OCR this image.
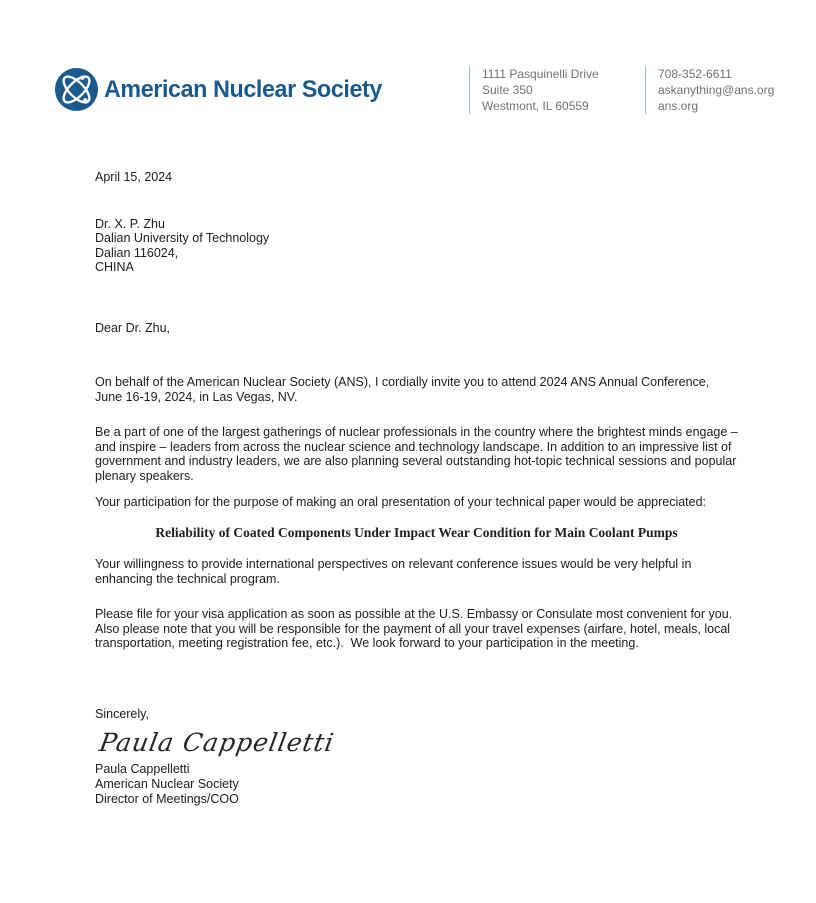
American Nuclear Society
1111 Pasquinelli Drive
Suite 350
Westmont, IL 60559
708-352-6611
askanything@ans.org
ans.org
April 15, 2024
Dr. X. P. Zhu
Dalian University of Technology
Dalian 116024,
CHINA
Dear Dr. Zhu,

On behalf of the American Nuclear Society (ANS), I cordially invite you to attend 2024 ANS Annual Conference, June 16-19, 2024, in Las Vegas, NV.

Be a part of one of the largest gatherings of nuclear professionals in the country where the brightest minds engage – and inspire – leaders from across the nuclear science and technology landscape. In addition to an impressive list of government and industry leaders, we are also planning several outstanding hot-topic technical sessions and popular plenary speakers.

Your participation for the purpose of making an oral presentation of your technical paper would be appreciated:

Reliability of Coated Components Under Impact Wear Condition for Main Coolant Pumps

Your willingness to provide international perspectives on relevant conference issues would be very helpful in enhancing the technical program.

Please file for your visa application as soon as possible at the U.S. Embassy or Consulate most convenient for you.  Also please note that you will be responsible for the payment of all your travel expenses (airfare, hotel, meals, local transportation, meeting registration fee, etc.).  We look forward to your participation in the meeting.

Sincerely,
Paula Cappelletti
Paula Cappelletti
American Nuclear Society
Director of Meetings/COO
